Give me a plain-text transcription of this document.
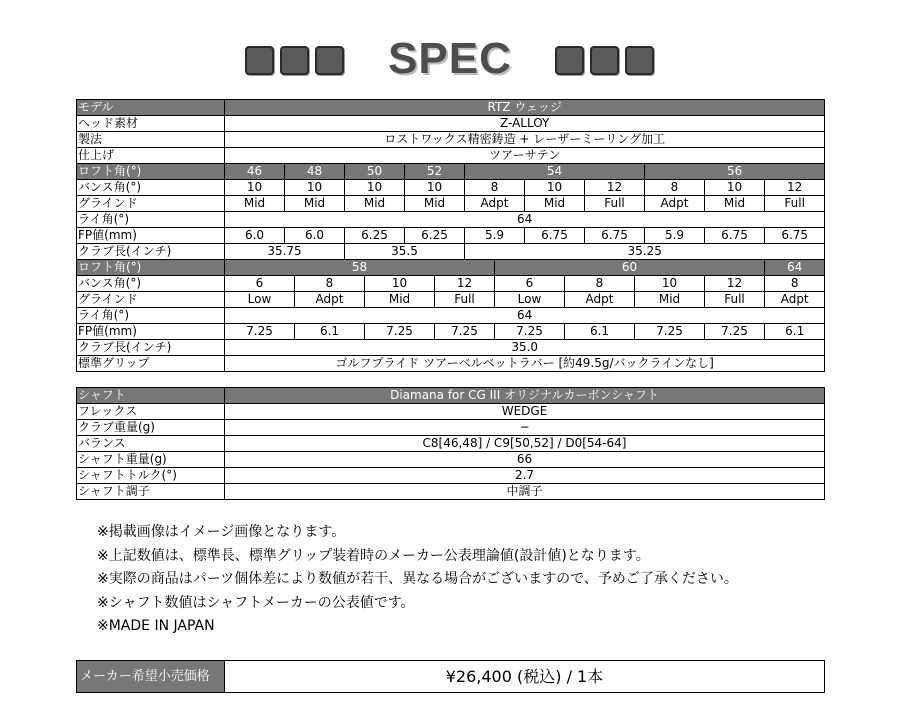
SPEC
モデル	RTZ ウェッジ															
ヘッド素材	Z-ALLOY															
製法	ロストワックス精密鋳造 + レーザーミーリング加工															
仕上げ	ツアーサテン															
ロフト角(°)	46	48		50		52		54						56		
バンス角(°)	10	10		10		10		8		10		12		8	10	12
グラインド	Mid	Mid		Mid		Mid		Adpt		Mid		Full		Adpt	Mid	Full
ライ角(°)	64															
FP値(mm)	6.0	6.0		6.25		6.25		5.9		6.75		6.75		5.9	6.75	6.75
クラブ長(インチ)	35.75			35.5				35.25								
ロフト角(°)	58								60							64
バンス角(°)	6		8		10		12		6		8		10		12	8
グラインド	Low		Adpt		Mid		Full		Low		Adpt		Mid		Full	Adpt
ライ角(°)	64															
FP値(mm)	7.25		6.1		7.25		7.25		7.25		6.1		7.25		7.25	6.1
クラブ長(インチ)	35.0															
標準グリップ	ゴルフプライド ツアーベルベットラバー [約49.5g/バックラインなし]															
シャフト	Diamana for CG III オリジナルカーボンシャフト
フレックス	WEDGE
クラブ重量(g)	−
バランス	C8[46,48] / C9[50,52] / D0[54-64]
シャフト重量(g)	66
シャフトトルク(°)	2.7
シャフト調子	中調子
※掲載画像はイメージ画像となります。
※上記数値は、標準長、標準グリップ装着時のメーカー公表理論値(設計値)となります。
※実際の商品はパーツ個体差により数値が若干、異なる場合がございますので、予めご了承ください。
※シャフト数値はシャフトメーカーの公表値です。
※MADE IN JAPAN
メーカー希望小売価格	¥26,400 (税込) / 1本
